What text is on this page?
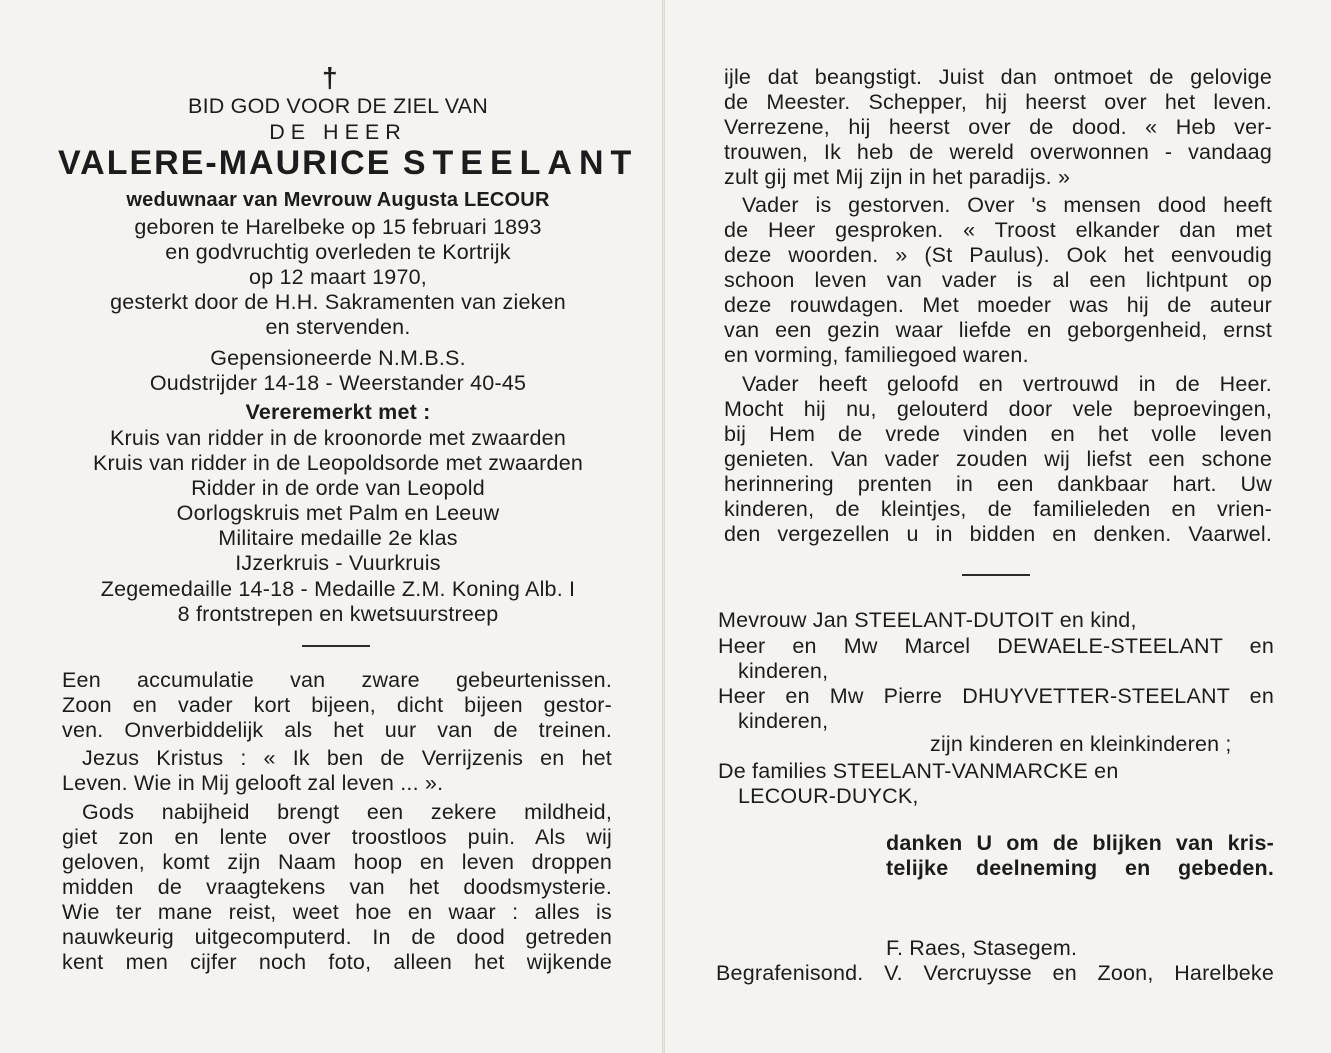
†
BID GOD VOOR DE ZIEL VAN
DE HEER
VALERE-MAURICE STEELANT
weduwnaar van Mevrouw Augusta LECOUR
geboren te Harelbeke op 15 februari 1893
en godvruchtig overleden te Kortrijk
op 12 maart 1970,
gesterkt door de H.H. Sakramenten van zieken
en stervenden.
Gepensioneerde N.M.B.S.
Oudstrijder 14-18 - Weerstander 40-45
Vereremerkt met :
Kruis van ridder in de kroonorde met zwaarden
Kruis van ridder in de Leopoldsorde met zwaarden
Ridder in de orde van Leopold
Oorlogskruis met Palm en Leeuw
Militaire medaille 2e klas
IJzerkruis - Vuurkruis
Zegemedaille 14-18 - Medaille Z.M. Koning Alb. I
8 frontstrepen en kwetsuurstreep
Een accumulatie van zware gebeurtenissen.
Zoon en vader kort bijeen, dicht bijeen gestor-
ven. Onverbiddelijk als het uur van de treinen.
Jezus Kristus : « Ik ben de Verrijzenis en het
Leven. Wie in Mij gelooft zal leven ... ».
Gods nabijheid brengt een zekere mildheid,
giet zon en lente over troostloos puin. Als wij
geloven, komt zijn Naam hoop en leven droppen
midden de vraagtekens van het doodsmysterie.
Wie ter mane reist, weet hoe en waar : alles is
nauwkeurig uitgecomputerd. In de dood getreden
kent men cijfer noch foto, alleen het wijkende
ijle dat beangstigt. Juist dan ontmoet de gelovige
de Meester. Schepper, hij heerst over het leven.
Verrezene, hij heerst over de dood. « Heb ver-
trouwen, Ik heb de wereld overwonnen - vandaag
zult gij met Mij zijn in het paradijs. »
Vader is gestorven. Over 's mensen dood heeft
de Heer gesproken. « Troost elkander dan met
deze woorden. » (St Paulus). Ook het eenvoudig
schoon leven van vader is al een lichtpunt op
deze rouwdagen. Met moeder was hij de auteur
van een gezin waar liefde en geborgenheid, ernst
en vorming, familiegoed waren.
Vader heeft geloofd en vertrouwd in de Heer.
Mocht hij nu, gelouterd door vele beproevingen,
bij Hem de vrede vinden en het volle leven
genieten. Van vader zouden wij liefst een schone
herinnering prenten in een dankbaar hart. Uw
kinderen, de kleintjes, de familieleden en vrien-
den vergezellen u in bidden en denken. Vaarwel.
Mevrouw Jan STEELANT-DUTOIT en kind,
Heer en Mw Marcel DEWAELE-STEELANT en
kinderen,
Heer en Mw Pierre DHUYVETTER-STEELANT en
kinderen,
zijn kinderen en kleinkinderen ;
De families STEELANT-VANMARCKE en
LECOUR-DUYCK,
danken U om de blijken van kris-
telijke deelneming en gebeden.
F. Raes, Stasegem.
Begrafenisond. V. Vercruysse en Zoon, Harelbeke
